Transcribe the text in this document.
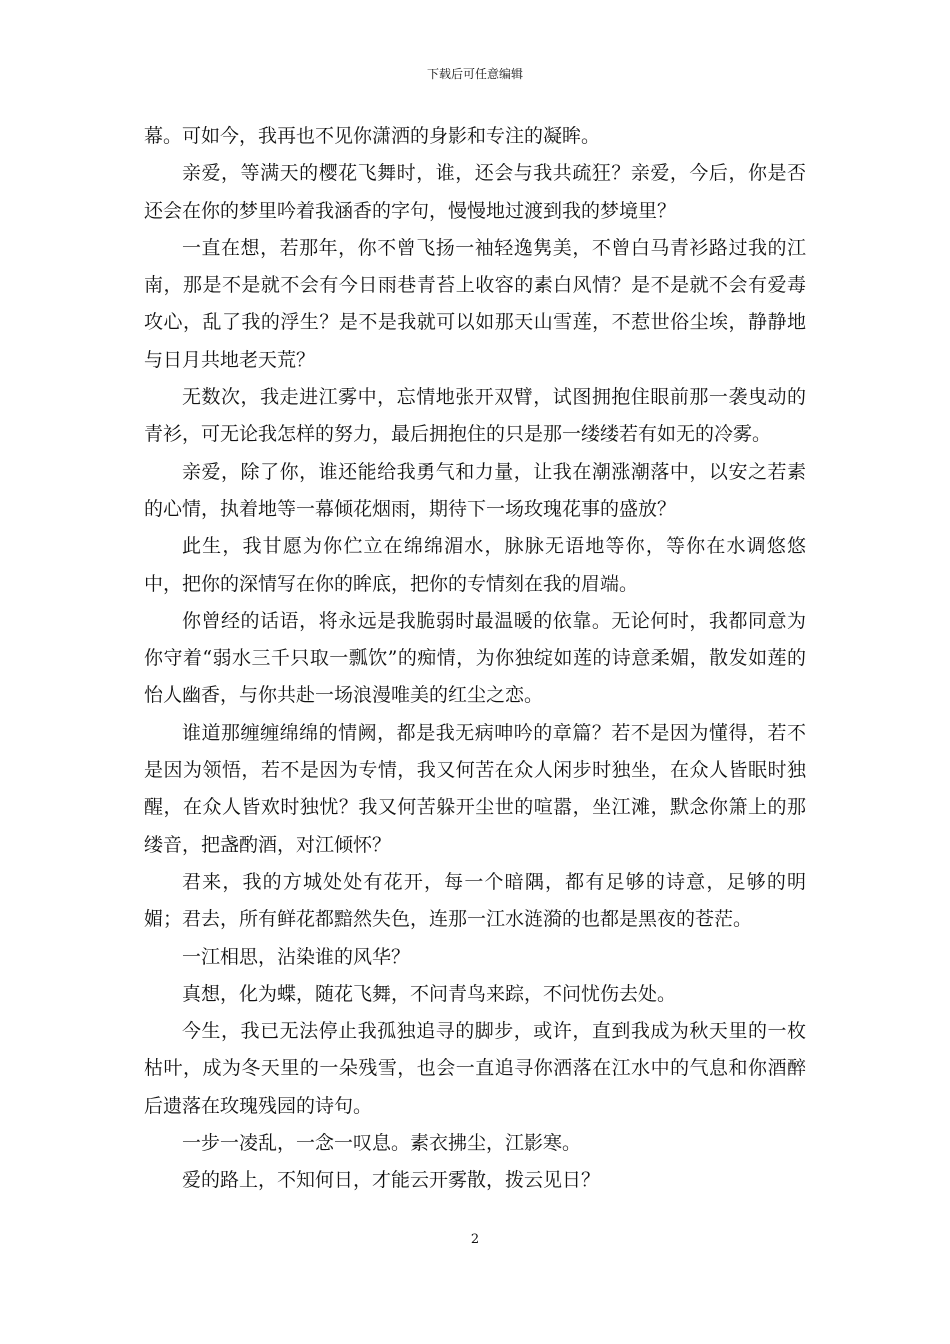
下载后可任意编辑

幕。可如今，我再也不见你潇洒的身影和专注的凝眸。

亲爱，等满天的樱花飞舞时，谁，还会与我共疏狂？亲爱，今后，你是否还会在你的梦里吟着我涵香的字句，慢慢地过渡到我的梦境里？

一直在想，若那年，你不曾飞扬一袖轻逸隽美，不曾白马青衫路过我的江南，那是不是就不会有今日雨巷青苔上收容的素白风情？是不是就不会有爱毒攻心，乱了我的浮生？是不是我就可以如那天山雪莲，不惹世俗尘埃，静静地与日月共地老天荒？

无数次，我走进江雾中，忘情地张开双臂，试图拥抱住眼前那一袭曳动的青衫，可无论我怎样的努力，最后拥抱住的只是那一缕缕若有如无的冷雾。

亲爱，除了你，谁还能给我勇气和力量，让我在潮涨潮落中，以安之若素的心情，执着地等一幕倾花烟雨，期待下一场玫瑰花事的盛放？

此生，我甘愿为你伫立在绵绵湄水，脉脉无语地等你，等你在水调悠悠中，把你的深情写在你的眸底，把你的专情刻在我的眉端。

你曾经的话语，将永远是我脆弱时最温暖的依靠。无论何时，我都同意为你守着“弱水三千只取一瓢饮”的痴情，为你独绽如莲的诗意柔媚，散发如莲的怡人幽香，与你共赴一场浪漫唯美的红尘之恋。

谁道那缠缠绵绵的情阙，都是我无病呻吟的章篇？若不是因为懂得，若不是因为领悟，若不是因为专情，我又何苦在众人闲步时独坐，在众人皆眠时独醒，在众人皆欢时独忧？我又何苦躲开尘世的喧嚣，坐江滩，默念你箫上的那缕音，把盏酌酒，对江倾怀？

君来，我的方城处处有花开，每一个暗隅，都有足够的诗意，足够的明媚；君去，所有鲜花都黯然失色，连那一江水涟漪的也都是黑夜的苍茫。

一江相思，沾染谁的风华？

真想，化为蝶，随花飞舞，不问青鸟来踪，不问忧伤去处。

今生，我已无法停止我孤独追寻的脚步，或许，直到我成为秋天里的一枚枯叶，成为冬天里的一朵残雪，也会一直追寻你洒落在江水中的气息和你酒醉后遗落在玫瑰残园的诗句。

一步一凌乱，一念一叹息。素衣拂尘，江影寒。

爱的路上，不知何日，才能云开雾散，拨云见日？

2
